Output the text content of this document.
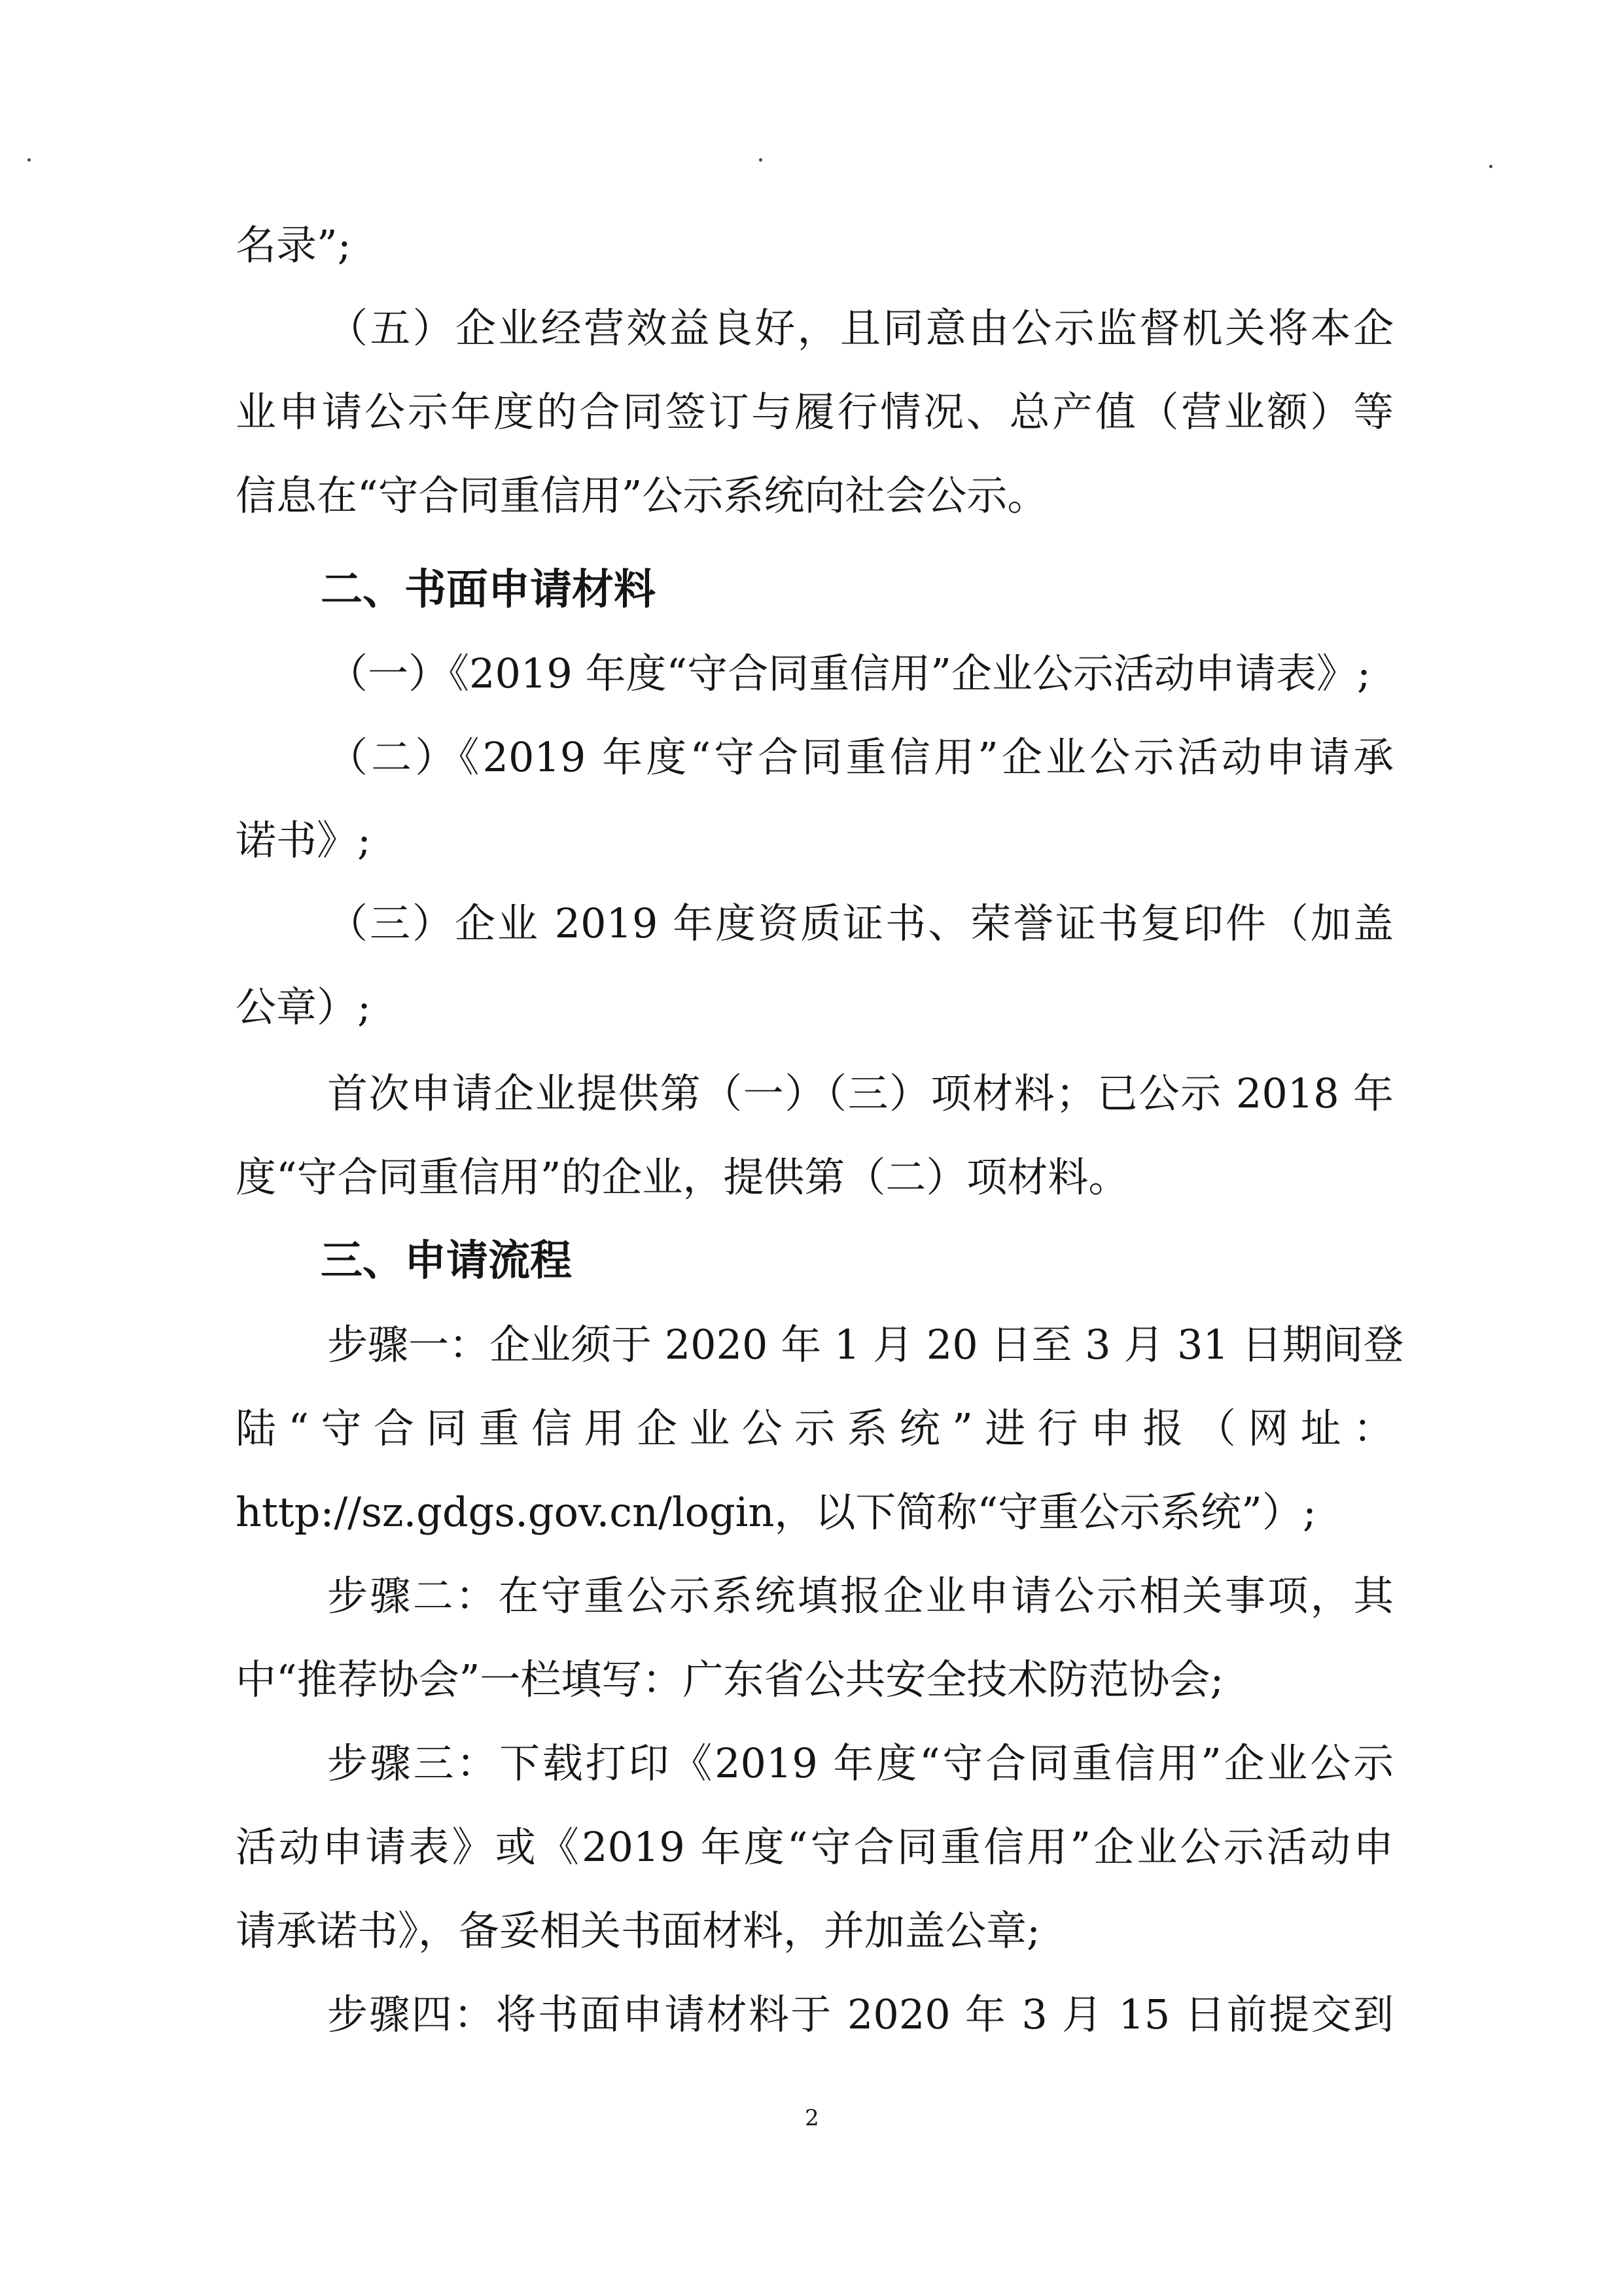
名录”;
（五）企业经营效益良好，且同意由公示监督机关将本企
业申请公示年度的合同签订与履行情况、总产值（营业额）等
信息在“守合同重信用”公示系统向社会公示。
二、书面申请材料
（一）《2019 年度“守合同重信用”企业公示活动申请表》;
（二）《2019 年度“守合同重信用”企业公示活动申请承
诺书》;
（三）企业 2019 年度资质证书、荣誉证书复印件（加盖
公章）;
首次申请企业提供第（一）（三）项材料；已公示 2018 年
度“守合同重信用”的企业，提供第（二）项材料。
三、申请流程
步骤一：企业须于 2020 年 1 月 20 日至 3 月 31 日期间登
陆“守合同重信用企业公示系统”进行申报（网址：
http://sz.gdgs.gov.cn/login，以下简称“守重公示系统”）;
步骤二：在守重公示系统填报企业申请公示相关事项，其
中“推荐协会”一栏填写：广东省公共安全技术防范协会;
步骤三：下载打印《2019 年度“守合同重信用”企业公示
活动申请表》或《2019 年度“守合同重信用”企业公示活动申
请承诺书》，备妥相关书面材料，并加盖公章;
步骤四：将书面申请材料于 2020 年 3 月 15 日前提交到
2
